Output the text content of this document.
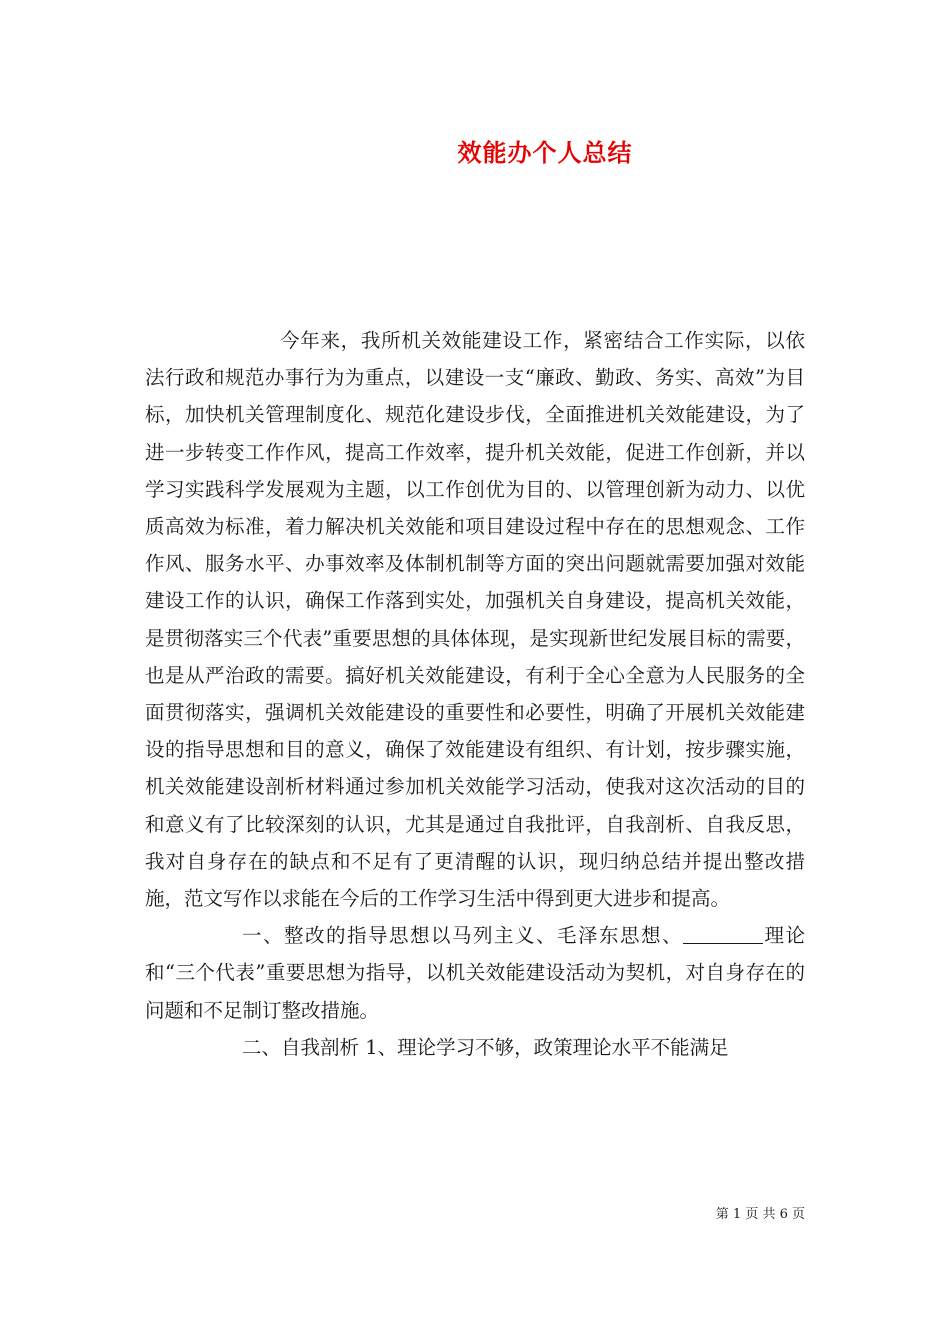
效能办个人总结

今年来，我所机关效能建设工作，紧密结合工作实际，以依法行政和规范办事行为为重点，以建设一支“廉政、勤政、务实、高效”为目标，加快机关管理制度化、规范化建设步伐，全面推进机关效能建设，为了进一步转变工作作风，提高工作效率，提升机关效能，促进工作创新，并以学习实践科学发展观为主题，以工作创优为目的、以管理创新为动力、以优质高效为标准，着力解决机关效能和项目建设过程中存在的思想观念、工作作风、服务水平、办事效率及体制机制等方面的突出问题就需要加强对效能建设工作的认识，确保工作落到实处，加强机关自身建设，提高机关效能，是贯彻落实三个代表”重要思想的具体体现，是实现新世纪发展目标的需要，也是从严治政的需要。搞好机关效能建设，有利于全心全意为人民服务的全面贯彻落实，强调机关效能建设的重要性和必要性，明确了开展机关效能建设的指导思想和目的意义，确保了效能建设有组织、有计划，按步骤实施，机关效能建设剖析材料通过参加机关效能学习活动，使我对这次活动的目的和意义有了比较深刻的认识，尤其是通过自我批评，自我剖析、自我反思，我对自身存在的缺点和不足有了更清醒的认识，现归纳总结并提出整改措施，范文写作以求能在今后的工作学习生活中得到更大进步和提高。

一、整改的指导思想以马列主义、毛泽东思想、	理论和“三个代表”重要思想为指导，以机关效能建设活动为契机，对自身存在的问题和不足制订整改措施。

二、自我剖析 1、理论学习不够，政策理论水平不能满足

第 1 页 共 6 页
